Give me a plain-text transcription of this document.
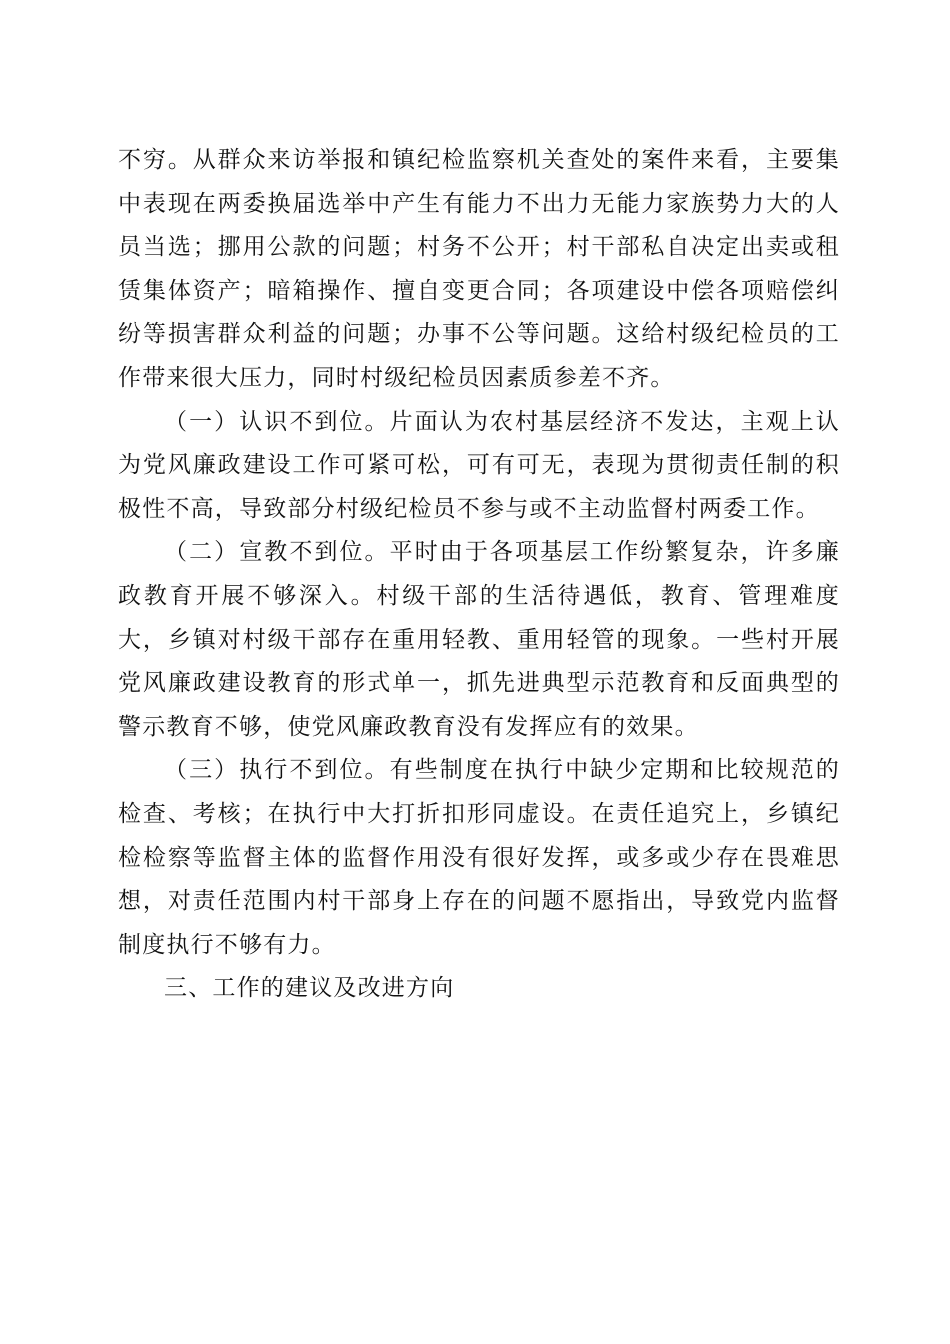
不穷。从群众来访举报和镇纪检监察机关查处的案件来看，主要集中表现在两委换届选举中产生有能力不出力无能力家族势力大的人员当选；挪用公款的问题；村务不公开；村干部私自决定出卖或租赁集体资产；暗箱操作、擅自变更合同；各项建设中偿各项赔偿纠纷等损害群众利益的问题；办事不公等问题。这给村级纪检员的工作带来很大压力，同时村级纪检员因素质参差不齐。

（一）认识不到位。片面认为农村基层经济不发达，主观上认为党风廉政建设工作可紧可松，可有可无，表现为贯彻责任制的积极性不高，导致部分村级纪检员不参与或不主动监督村两委工作。

（二）宣教不到位。平时由于各项基层工作纷繁复杂，许多廉政教育开展不够深入。村级干部的生活待遇低，教育、管理难度大，乡镇对村级干部存在重用轻教、重用轻管的现象。一些村开展党风廉政建设教育的形式单一，抓先进典型示范教育和反面典型的警示教育不够，使党风廉政教育没有发挥应有的效果。

（三）执行不到位。有些制度在执行中缺少定期和比较规范的检查、考核；在执行中大打折扣形同虚设。在责任追究上，乡镇纪检检察等监督主体的监督作用没有很好发挥，或多或少存在畏难思想，对责任范围内村干部身上存在的问题不愿指出，导致党内监督制度执行不够有力。

三、工作的建议及改进方向
